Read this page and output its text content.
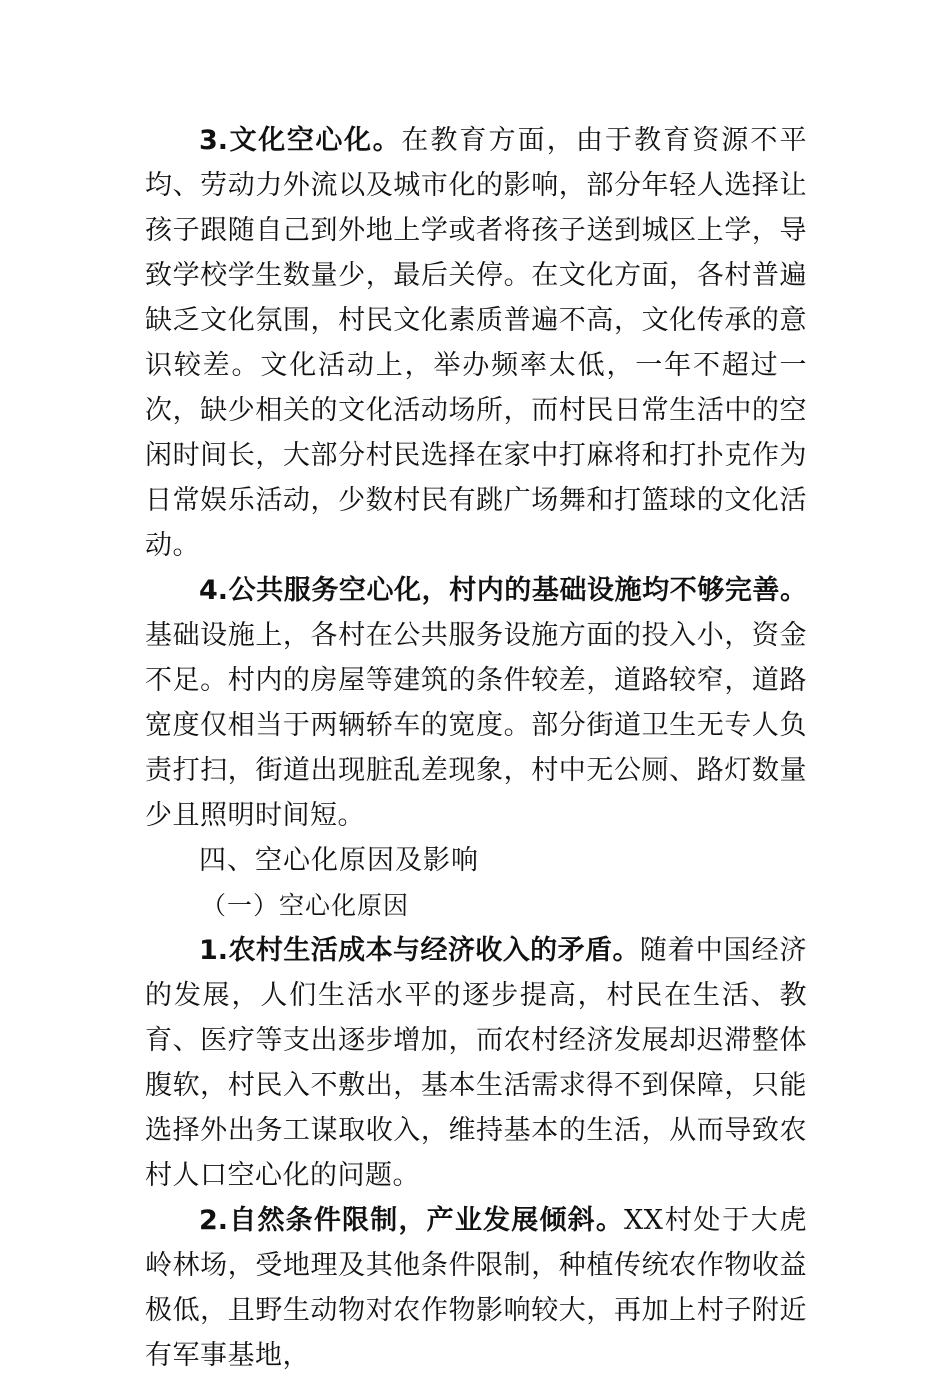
3.文化空心化。在教育方面，由于教育资源不平均、劳动力外流以及城市化的影响，部分年轻人选择让孩子跟随自己到外地上学或者将孩子送到城区上学，导致学校学生数量少，最后关停。在文化方面，各村普遍缺乏文化氛围，村民文化素质普遍不高，文化传承的意识较差。文化活动上，举办频率太低，一年不超过一次，缺少相关的文化活动场所，而村民日常生活中的空闲时间长，大部分村民选择在家中打麻将和打扑克作为日常娱乐活动，少数村民有跳广场舞和打篮球的文化活动。

4.公共服务空心化，村内的基础设施均不够完善。基础设施上，各村在公共服务设施方面的投入小，资金不足。村内的房屋等建筑的条件较差，道路较窄，道路宽度仅相当于两辆轿车的宽度。部分街道卫生无专人负责打扫，街道出现脏乱差现象，村中无公厕、路灯数量少且照明时间短。

四、空心化原因及影响

（一）空心化原因

1.农村生活成本与经济收入的矛盾。随着中国经济的发展，人们生活水平的逐步提高，村民在生活、教育、医疗等支出逐步增加，而农村经济发展却迟滞整体腹软，村民入不敷出，基本生活需求得不到保障，只能选择外出务工谋取收入，维持基本的生活，从而导致农村人口空心化的问题。

2.自然条件限制，产业发展倾斜。XX村处于大虎岭林场，受地理及其他条件限制，种植传统农作物收益极低，且野生动物对农作物影响较大，再加上村子附近有军事基地，
